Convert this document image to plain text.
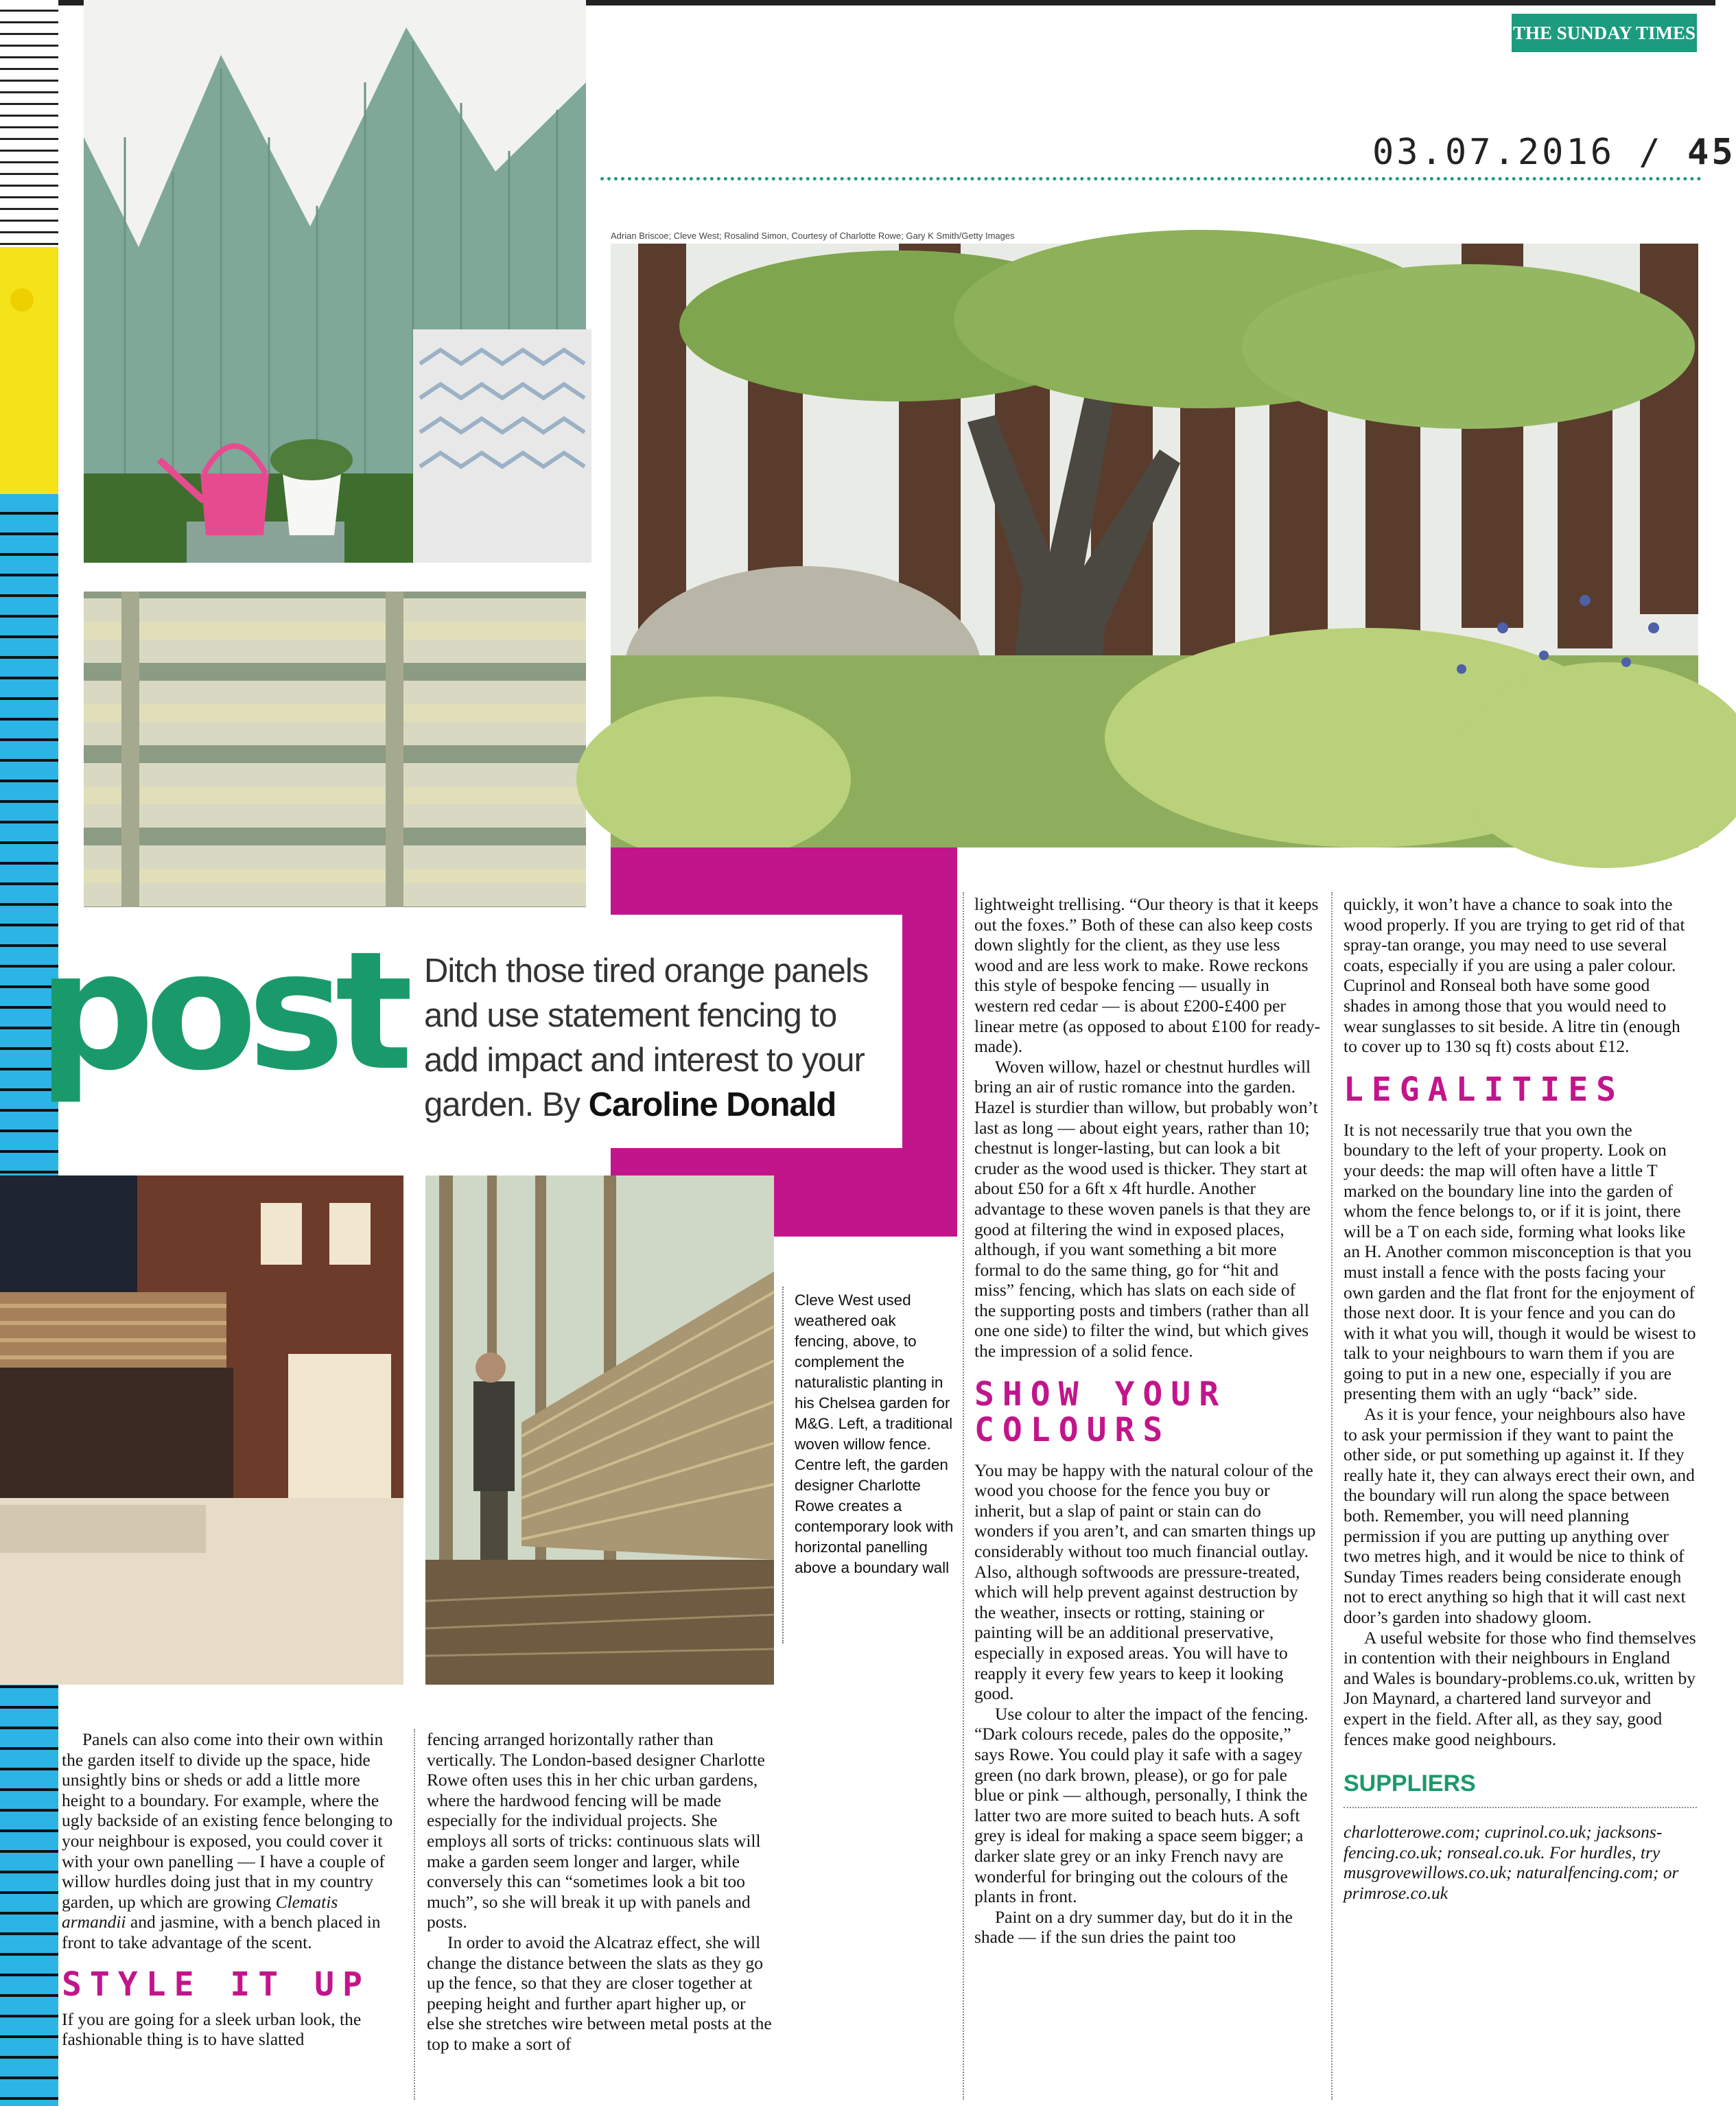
THE SUNDAY TIMES
03.07.2016 / 45
Adrian Briscoe; Cleve West; Rosalind Simon, Courtesy of Charlotte Rowe; Gary K Smith/Getty Images
Ditch those tired orange panels and use statement fencing to add impact and interest to your garden. By Caroline Donald
post
Cleve West used weathered oak fencing, above, to complement the naturalistic planting in his Chelsea garden for M&G. Left, a traditional woven willow fence. Centre left, the garden designer Charlotte Rowe creates a contemporary look with horizontal panelling above a boundary wall

Panels can also come into their own within the garden itself to divide up the space, hide unsightly bins or sheds or add a little more height to a boundary. For example, where the ugly backside of an existing fence belonging to your neighbour is exposed, you could cover it with your own panelling — I have a couple of willow hurdles doing just that in my country garden, up which are growing Clematis armandii and jasmine, with a bench placed in front to take advantage of the scent.

STYLE IT UP

If you are going for a sleek urban look, the fashionable thing is to have slatted

fencing arranged horizontally rather than vertically. The London-based designer Charlotte Rowe often uses this in her chic urban gardens, where the hardwood fencing will be made especially for the individual projects. She employs all sorts of tricks: continuous slats will make a garden seem longer and larger, while conversely this can “sometimes look a bit too much”, so she will break it up with panels and posts.

In order to avoid the Alcatraz effect, she will change the distance between the slats as they go up the fence, so that they are closer together at peeping height and further apart higher up, or else she stretches wire between metal posts at the top to make a sort of

lightweight trellising. “Our theory is that it keeps out the foxes.” Both of these can also keep costs down slightly for the client, as they use less wood and are less work to make. Rowe reckons this style of bespoke fencing — usually in western red cedar — is about £200-£400 per linear metre (as opposed to about £100 for ready-made).

Woven willow, hazel or chestnut hurdles will bring an air of rustic romance into the garden. Hazel is sturdier than willow, but probably won’t last as long — about eight years, rather than 10; chestnut is longer-lasting, but can look a bit cruder as the wood used is thicker. They start at about £50 for a 6ft x 4ft hurdle. Another advantage to these woven panels is that they are good at filtering the wind in exposed places, although, if you want something a bit more formal to do the same thing, go for “hit and miss” fencing, which has slats on each side of the supporting posts and timbers (rather than all one one side) to filter the wind, but which gives the impression of a solid fence.

SHOW YOUR COLOURS

You may be happy with the natural colour of the wood you choose for the fence you buy or inherit, but a slap of paint or stain can do wonders if you aren’t, and can smarten things up considerably without too much financial outlay. Also, although softwoods are pressure-treated, which will help prevent against destruction by the weather, insects or rotting, staining or painting will be an additional preservative, especially in exposed areas. You will have to reapply it every few years to keep it looking good.

Use colour to alter the impact of the fencing. “Dark colours recede, pales do the opposite,” says Rowe. You could play it safe with a sagey green (no dark brown, please), or go for pale blue or pink — although, personally, I think the latter two are more suited to beach huts. A soft grey is ideal for making a space seem bigger; a darker slate grey or an inky French navy are wonderful for bringing out the colours of the plants in front.

Paint on a dry summer day, but do it in the shade — if the sun dries the paint too

quickly, it won’t have a chance to soak into the wood properly. If you are trying to get rid of that spray-tan orange, you may need to use several coats, especially if you are using a paler colour. Cuprinol and Ronseal both have some good shades in among those that you would need to wear sunglasses to sit beside. A litre tin (enough to cover up to 130 sq ft) costs about £12.

LEGALITIES

It is not necessarily true that you own the boundary to the left of your property. Look on your deeds: the map will often have a little T marked on the boundary line into the garden of whom the fence belongs to, or if it is joint, there will be a T on each side, forming what looks like an H. Another common misconception is that you must install a fence with the posts facing your own garden and the flat front for the enjoyment of those next door. It is your fence and you can do with it what you will, though it would be wisest to talk to your neighbours to warn them if you are going to put in a new one, especially if you are presenting them with an ugly “back” side.

As it is your fence, your neighbours also have to ask your permission if they want to paint the other side, or put something up against it. If they really hate it, they can always erect their own, and the boundary will run along the space between both. Remember, you will need planning permission if you are putting up anything over two metres high, and it would be nice to think of Sunday Times readers being considerate enough not to erect anything so high that it will cast next door’s garden into shadowy gloom.

A useful website for those who find themselves in contention with their neighbours in England and Wales is boundary-problems.co.uk, written by Jon Maynard, a chartered land surveyor and expert in the field. After all, as they say, good fences make good neighbours.

SUPPLIERS

charlotterowe.com; cuprinol.co.uk; jacksons-fencing.co.uk; ronseal.co.uk. For hurdles, try musgrovewillows.co.uk; naturalfencing.com; or primrose.co.uk
